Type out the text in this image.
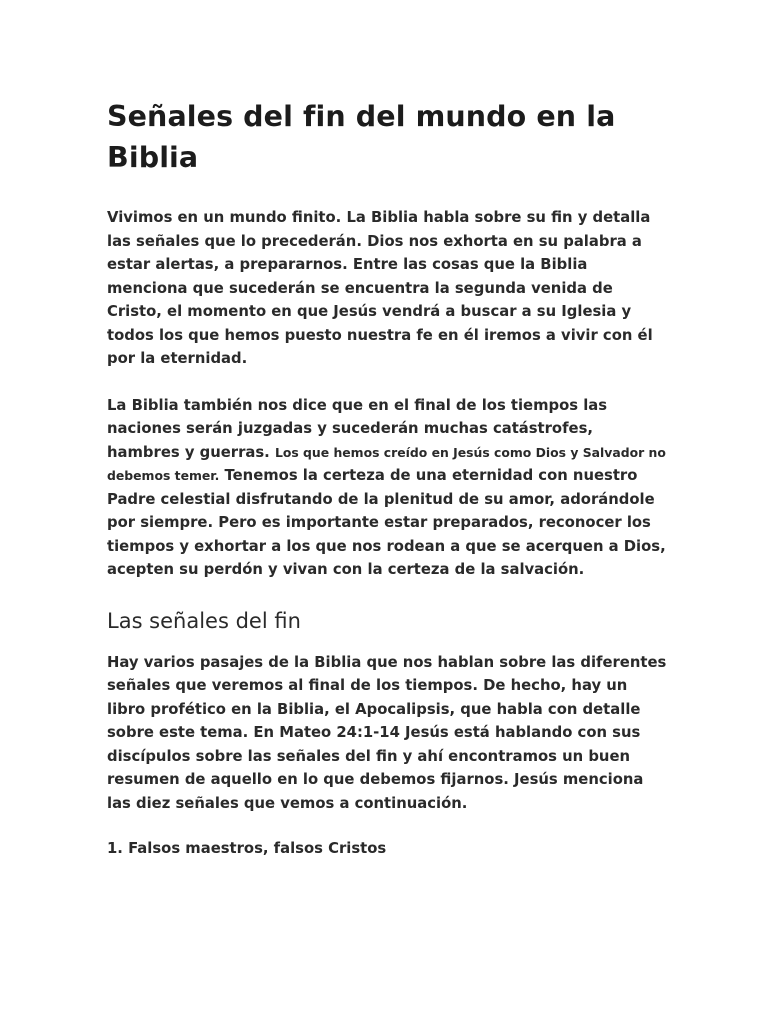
Señales del fin del mundo en la Biblia

Vivimos en un mundo finito. La Biblia habla sobre su fin y detalla las señales que lo precederán. Dios nos exhorta en su palabra a estar alertas, a prepararnos. Entre las cosas que la Biblia menciona que sucederán se encuentra la segunda venida de Cristo, el momento en que Jesús vendrá a buscar a su Iglesia y todos los que hemos puesto nuestra fe en él iremos a vivir con él por la eternidad.

La Biblia también nos dice que en el final de los tiempos las naciones serán juzgadas y sucederán muchas catástrofes, hambres y guerras. Los que hemos creído en Jesús como Dios y Salvador no debemos temer. Tenemos la certeza de una eternidad con nuestro Padre celestial disfrutando de la plenitud de su amor, adorándole por siempre. Pero es importante estar preparados, reconocer los tiempos y exhortar a los que nos rodean a que se acerquen a Dios, acepten su perdón y vivan con la certeza de la salvación.

Las señales del fin

Hay varios pasajes de la Biblia que nos hablan sobre las diferentes señales que veremos al final de los tiempos. De hecho, hay un libro profético en la Biblia, el Apocalipsis, que habla con detalle sobre este tema. En Mateo 24:1-14 Jesús está hablando con sus discípulos sobre las señales del fin y ahí encontramos un buen resumen de aquello en lo que debemos fijarnos. Jesús menciona las diez señales que vemos a continuación.

1. Falsos maestros, falsos Cristos
